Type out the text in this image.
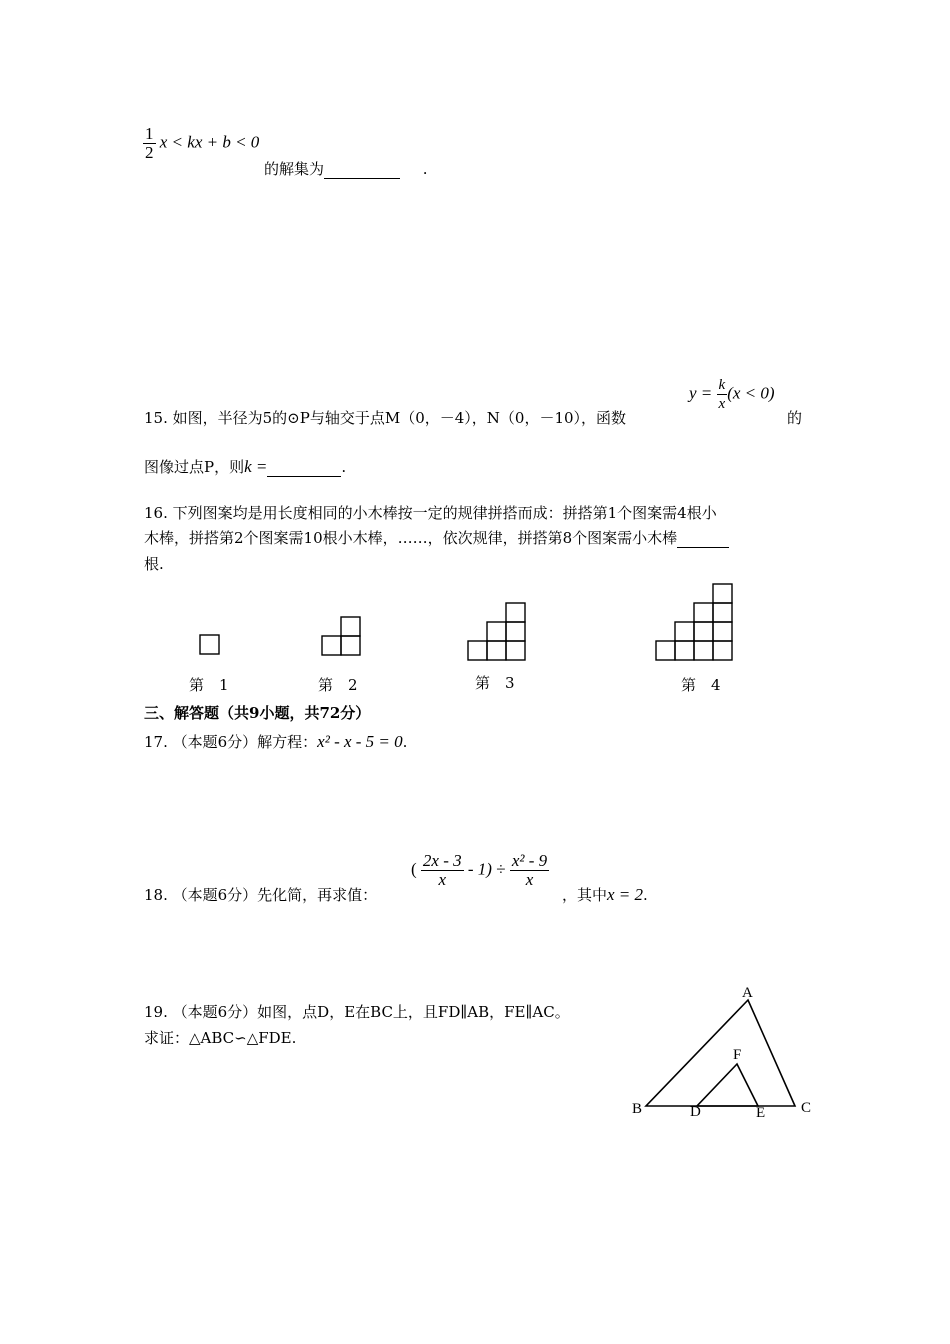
$\frac{1}{2}$ x < kx + b < 0
的解集为	.
15. 如图，半径为5的⊙P与轴交于点M（0，－4），N（0，－10），函数
$y = \frac{k}{x} (x < 0)$
的
图像过点P，则k =	.
16. 下列图案均是用长度相同的小木棒按一定的规律拼搭而成：拼搭第1个图案需4根小
木棒，拼搭第2个图案需10根小木棒，……，依次规律，拼搭第8个图案需小木棒
根.
第　1	第　2	第　3	第　4
三、解答题（共9小题，共72分）
17. （本题6分）解方程：x² - x - 5 = 0.
18. （本题6分）先化简，再求值：
( $\frac{2x - 3}{x} - 1) \div \frac{\text{x² - 9}}{x}$
，其中x = 2.
19. （本题6分）如图，点D，E在BC上，且FD∥AB，FE∥AC。
求证：△ABC∽△FDE.
A
F
B	D	E C
